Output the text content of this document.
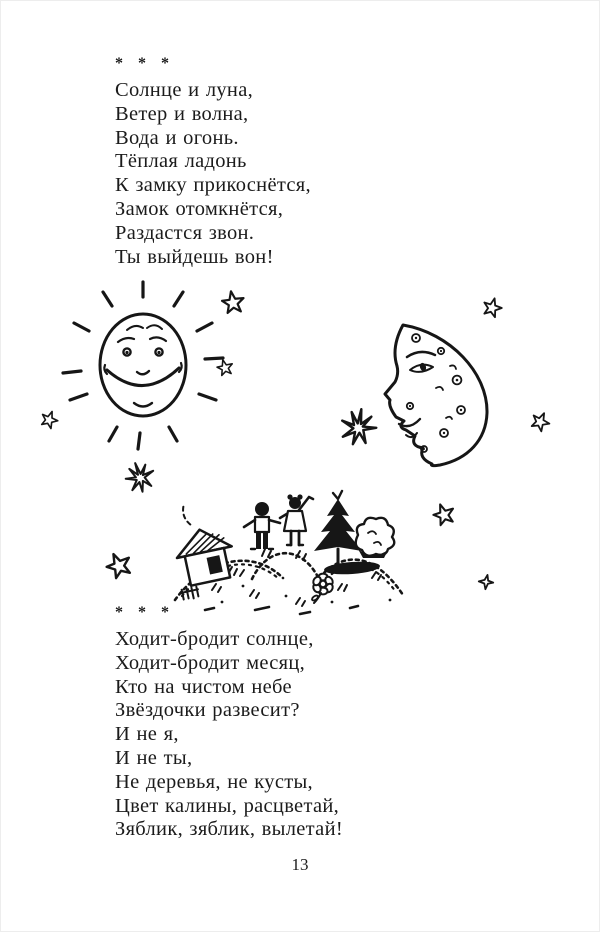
* * *
Солнце и луна,
Ветер и волна,
Вода и огонь.
Тёплая ладонь
К замку прикоснётся,
Замок отомкнётся,
Раздастся звон.
Ты выйдешь вон!
* * *
Ходит-бродит солнце,
Ходит-бродит месяц,
Кто на чистом небе
Звёздочки развесит?
И не я,
И не ты,
Не деревья, не кусты,
Цвет калины, расцветай,
Зяблик, зяблик, вылетай!
13
